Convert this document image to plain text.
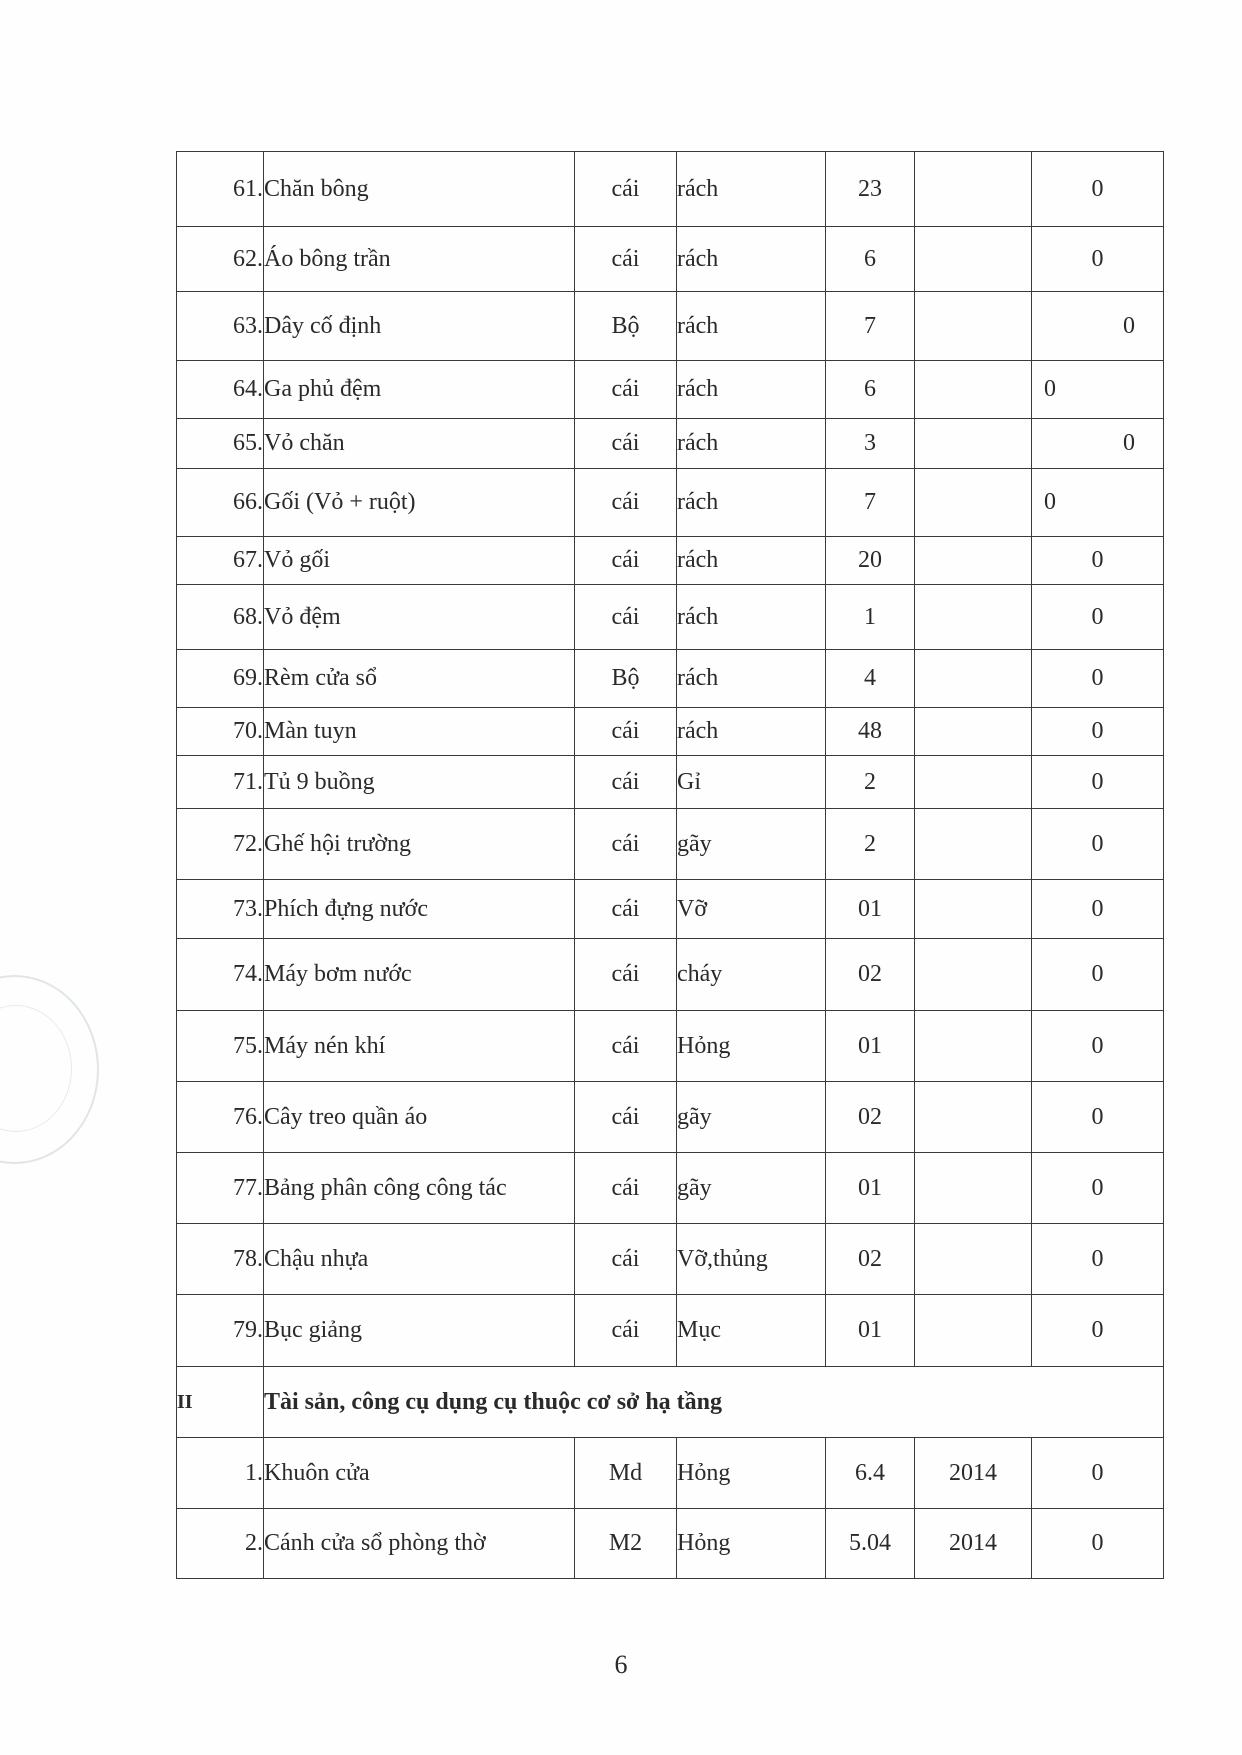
61.	Chăn bông	cái	rách	23		0
62.	Áo bông trần	cái	rách	6		0
63.	Dây cố định	Bộ	rách	7		0
64.	Ga phủ đệm	cái	rách	6		0
65.	Vỏ chăn	cái	rách	3		0
66.	Gối (Vỏ + ruột)	cái	rách	7		0
67.	Vỏ gối	cái	rách	20		0
68.	Vỏ đệm	cái	rách	1		0
69.	Rèm cửa sổ	Bộ	rách	4		0
70.	Màn tuyn	cái	rách	48		0
71.	Tủ 9 buồng	cái	Gỉ	2		0
72.	Ghế hội trường	cái	gãy	2		0
73.	Phích đựng nước	cái	Vỡ	01		0
74.	Máy bơm nước	cái	cháy	02		0
75.	Máy nén khí	cái	Hỏng	01		0
76.	Cây treo quần áo	cái	gãy	02		0
77.	Bảng phân công công tác	cái	gãy	01		0
78.	Chậu nhựa	cái	Vỡ,thủng	02		0
79.	Bục giảng	cái	Mục	01		0
II	Tài sản, công cụ dụng cụ thuộc cơ sở hạ tầng					
1.	Khuôn cửa	Md	Hỏng	6.4	2014	0
2.	Cánh cửa sổ phòng thờ	M2	Hỏng	5.04	2014	0
6
